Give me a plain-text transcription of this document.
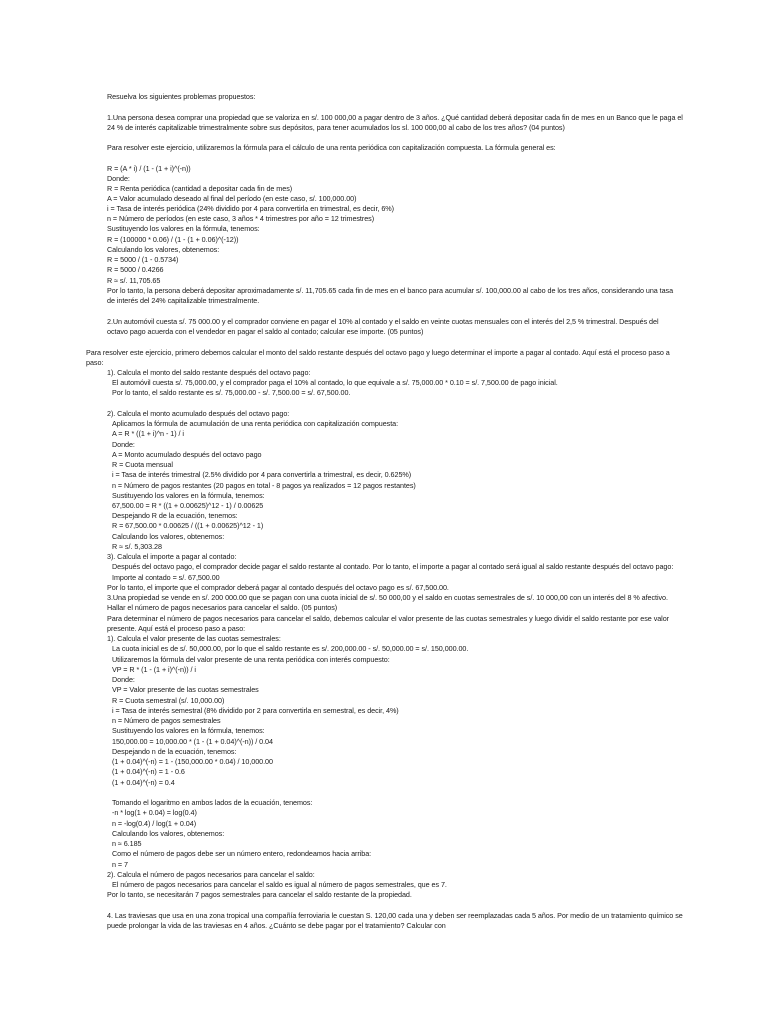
Resuelva los siguientes problemas propuestos:
1.Una persona desea comprar una propiedad que se valoriza en s/. 100 000,00 a pagar dentro de 3 años. ¿Qué cantidad deberá depositar cada fin de mes en un Banco que le paga el
24 % de interés capitalizable trimestralmente sobre sus depósitos, para tener acumulados los sl. 100 000,00 al cabo de los tres años? (04 puntos)
Para resolver este ejercicio, utilizaremos la fórmula para el cálculo de una renta periódica con capitalización compuesta. La fórmula general es:
R = (A * i) / (1 - (1 + i)^(-n))
Donde:
R = Renta periódica (cantidad a depositar cada fin de mes)
A = Valor acumulado deseado al final del período (en este caso, s/. 100,000.00)
i = Tasa de interés periódica (24% dividido por 4 para convertirla en trimestral, es decir, 6%)
n = Número de períodos (en este caso, 3 años * 4 trimestres por año = 12 trimestres)
Sustituyendo los valores en la fórmula, tenemos:
R = (100000 * 0.06) / (1 - (1 + 0.06)^(-12))
Calculando los valores, obtenemos:
R = 5000 / (1 - 0.5734)
R = 5000 / 0.4266
R ≈ s/. 11,705.65
Por lo tanto, la persona deberá depositar aproximadamente s/. 11,705.65 cada fin de mes en el banco para acumular s/. 100,000.00 al cabo de los tres años, considerando una tasa
de interés del 24% capitalizable trimestralmente.
2.Un automóvil cuesta s/. 75 000.00 y el comprador conviene en pagar el 10% al contado y el saldo en veinte cuotas mensuales con el interés del 2,5 % trimestral. Después del
octavo pago acuerda con el vendedor en pagar el saldo al contado; calcular ese importe. (05 puntos)
Para resolver este ejercicio, primero debemos calcular el monto del saldo restante después del octavo pago y luego determinar el importe a pagar al contado. Aquí está el proceso paso a
paso:
1). Calcula el monto del saldo restante después del octavo pago:
El automóvil cuesta s/. 75,000.00, y el comprador paga el 10% al contado, lo que equivale a s/. 75,000.00 * 0.10 = s/. 7,500.00 de pago inicial.
Por lo tanto, el saldo restante es s/. 75,000.00 - s/. 7,500.00 = s/. 67,500.00.
2). Calcula el monto acumulado después del octavo pago:
Aplicamos la fórmula de acumulación de una renta periódica con capitalización compuesta:
A = R * ((1 + i)^n - 1) / i
Donde:
A = Monto acumulado después del octavo pago
R = Cuota mensual
i = Tasa de interés trimestral (2.5% dividido por 4 para convertirla a trimestral, es decir, 0.625%)
n = Número de pagos restantes (20 pagos en total - 8 pagos ya realizados = 12 pagos restantes)
Sustituyendo los valores en la fórmula, tenemos:
67,500.00 = R * ((1 + 0.00625)^12 - 1) / 0.00625
Despejando R de la ecuación, tenemos:
R = 67,500.00 * 0.00625 / ((1 + 0.00625)^12 - 1)
Calculando los valores, obtenemos:
R ≈ s/. 5,303.28
3). Calcula el importe a pagar al contado:
Después del octavo pago, el comprador decide pagar el saldo restante al contado. Por lo tanto, el importe a pagar al contado será igual al saldo restante después del octavo pago:
Importe al contado = s/. 67,500.00
Por lo tanto, el importe que el comprador deberá pagar al contado después del octavo pago es s/. 67,500.00.
3.Una propiedad se vende en s/. 200 000.00 que se pagan con una cuota inicial de s/. 50 000,00 y el saldo en cuotas semestrales de s/. 10 000,00 con un interés del 8 % afectivo.
Hallar el número de pagos necesarios para cancelar el saldo. (05 puntos)
Para determinar el número de pagos necesarios para cancelar el saldo, debemos calcular el valor presente de las cuotas semestrales y luego dividir el saldo restante por ese valor
presente. Aquí está el proceso paso a paso:
1). Calcula el valor presente de las cuotas semestrales:
La cuota inicial es de s/. 50,000.00, por lo que el saldo restante es s/. 200,000.00 - s/. 50,000.00 = s/. 150,000.00.
Utilizaremos la fórmula del valor presente de una renta periódica con interés compuesto:
VP = R * (1 - (1 + i)^(-n)) / i
Donde:
VP = Valor presente de las cuotas semestrales
R = Cuota semestral (s/. 10,000.00)
i = Tasa de interés semestral (8% dividido por 2 para convertirla en semestral, es decir, 4%)
n = Número de pagos semestrales
Sustituyendo los valores en la fórmula, tenemos:
150,000.00 = 10,000.00 * (1 - (1 + 0.04)^(-n)) / 0.04
Despejando n de la ecuación, tenemos:
(1 + 0.04)^(-n) = 1 - (150,000.00 * 0.04) / 10,000.00
(1 + 0.04)^(-n) = 1 - 0.6
(1 + 0.04)^(-n) = 0.4
Tomando el logaritmo en ambos lados de la ecuación, tenemos:
-n * log(1 + 0.04) = log(0.4)
n = -log(0.4) / log(1 + 0.04)
Calculando los valores, obtenemos:
n ≈ 6.185
Como el número de pagos debe ser un número entero, redondeamos hacia arriba:
n = 7
2). Calcula el número de pagos necesarios para cancelar el saldo:
El número de pagos necesarios para cancelar el saldo es igual al número de pagos semestrales, que es 7.
Por lo tanto, se necesitarán 7 pagos semestrales para cancelar el saldo restante de la propiedad.
4. Las traviesas que usa en una zona tropical una compañía ferroviaria le cuestan S. 120,00 cada una y deben ser reemplazadas cada 5 años. Por medio de un tratamiento químico se
puede prolongar la vida de las traviesas en 4 años. ¿Cuánto se debe pagar por el tratamiento? Calcular con
